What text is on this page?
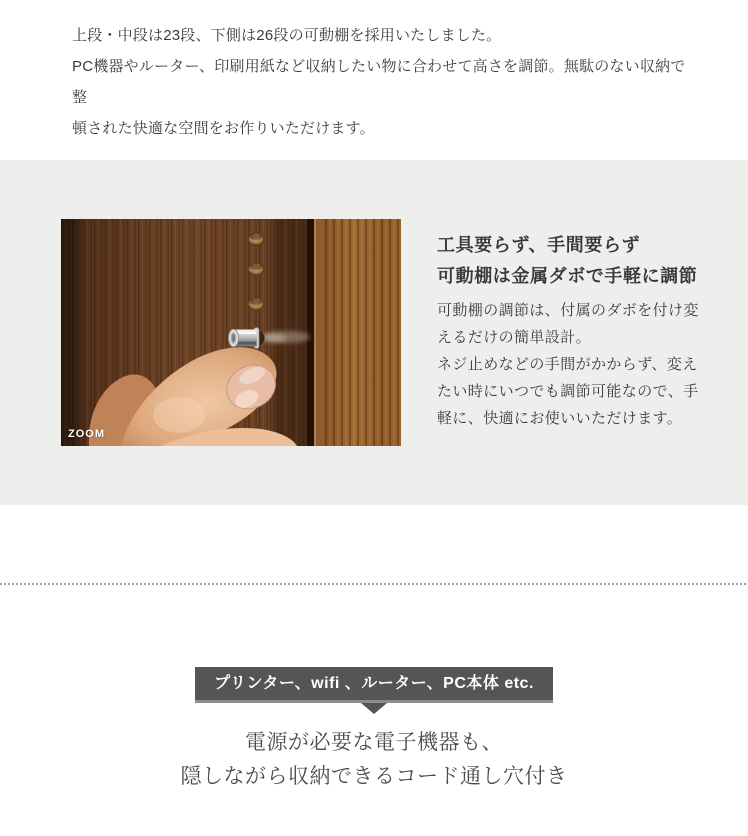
上段・中段は23段、下側は26段の可動棚を採用いたしました。
PC機器やルーター、印刷用紙など収納したい物に合わせて高さを調節。無駄のない収納で整
頓された快適な空間をお作りいただけます。
ZOOM
工具要らず、手間要らず
可動棚は金属ダボで手軽に調節
可動棚の調節は、付属のダボを付け変
えるだけの簡単設計。
ネジ止めなどの手間がかからず、変え
たい時にいつでも調節可能なので、手
軽に、快適にお使いいただけます。
プリンター、wifi 、ルーター、PC本体 etc.
電源が必要な電子機器も、
隠しながら収納できるコード通し穴付き
